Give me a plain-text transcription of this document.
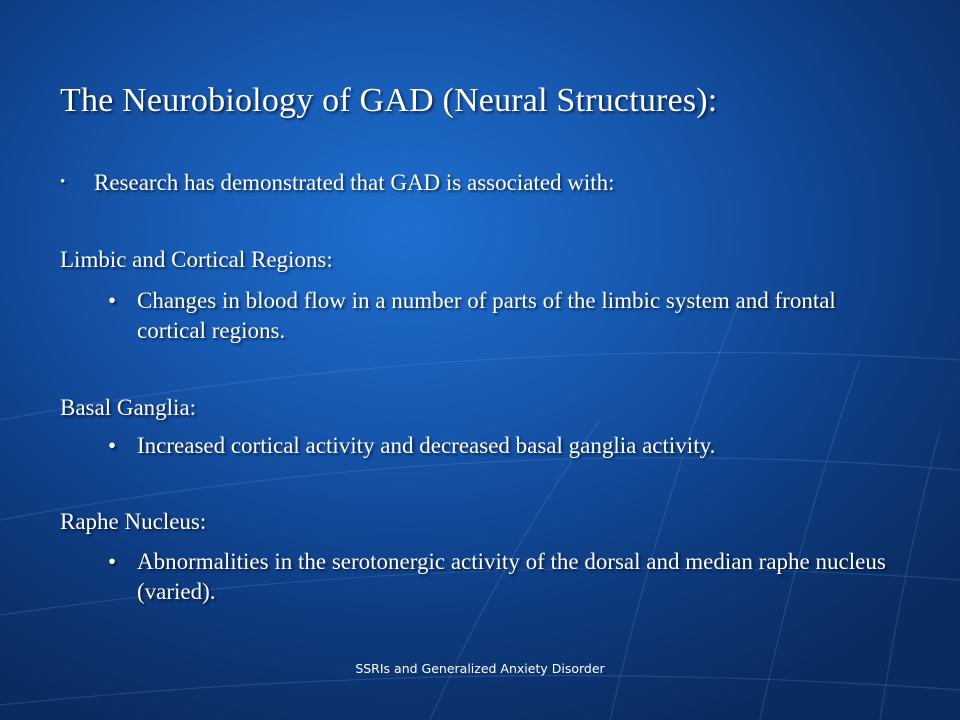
The Neurobiology of GAD (Neural Structures):
• Research has demonstrated that GAD is associated with:
Limbic and Cortical Regions:
• Changes in blood flow in a number of parts of the limbic system and frontal cortical regions.
Basal Ganglia:
• Increased cortical activity and decreased basal ganglia activity.
Raphe Nucleus:
• Abnormalities in the serotonergic activity of the dorsal and median raphe nucleus (varied).
SSRIs and Generalized Anxiety Disorder
